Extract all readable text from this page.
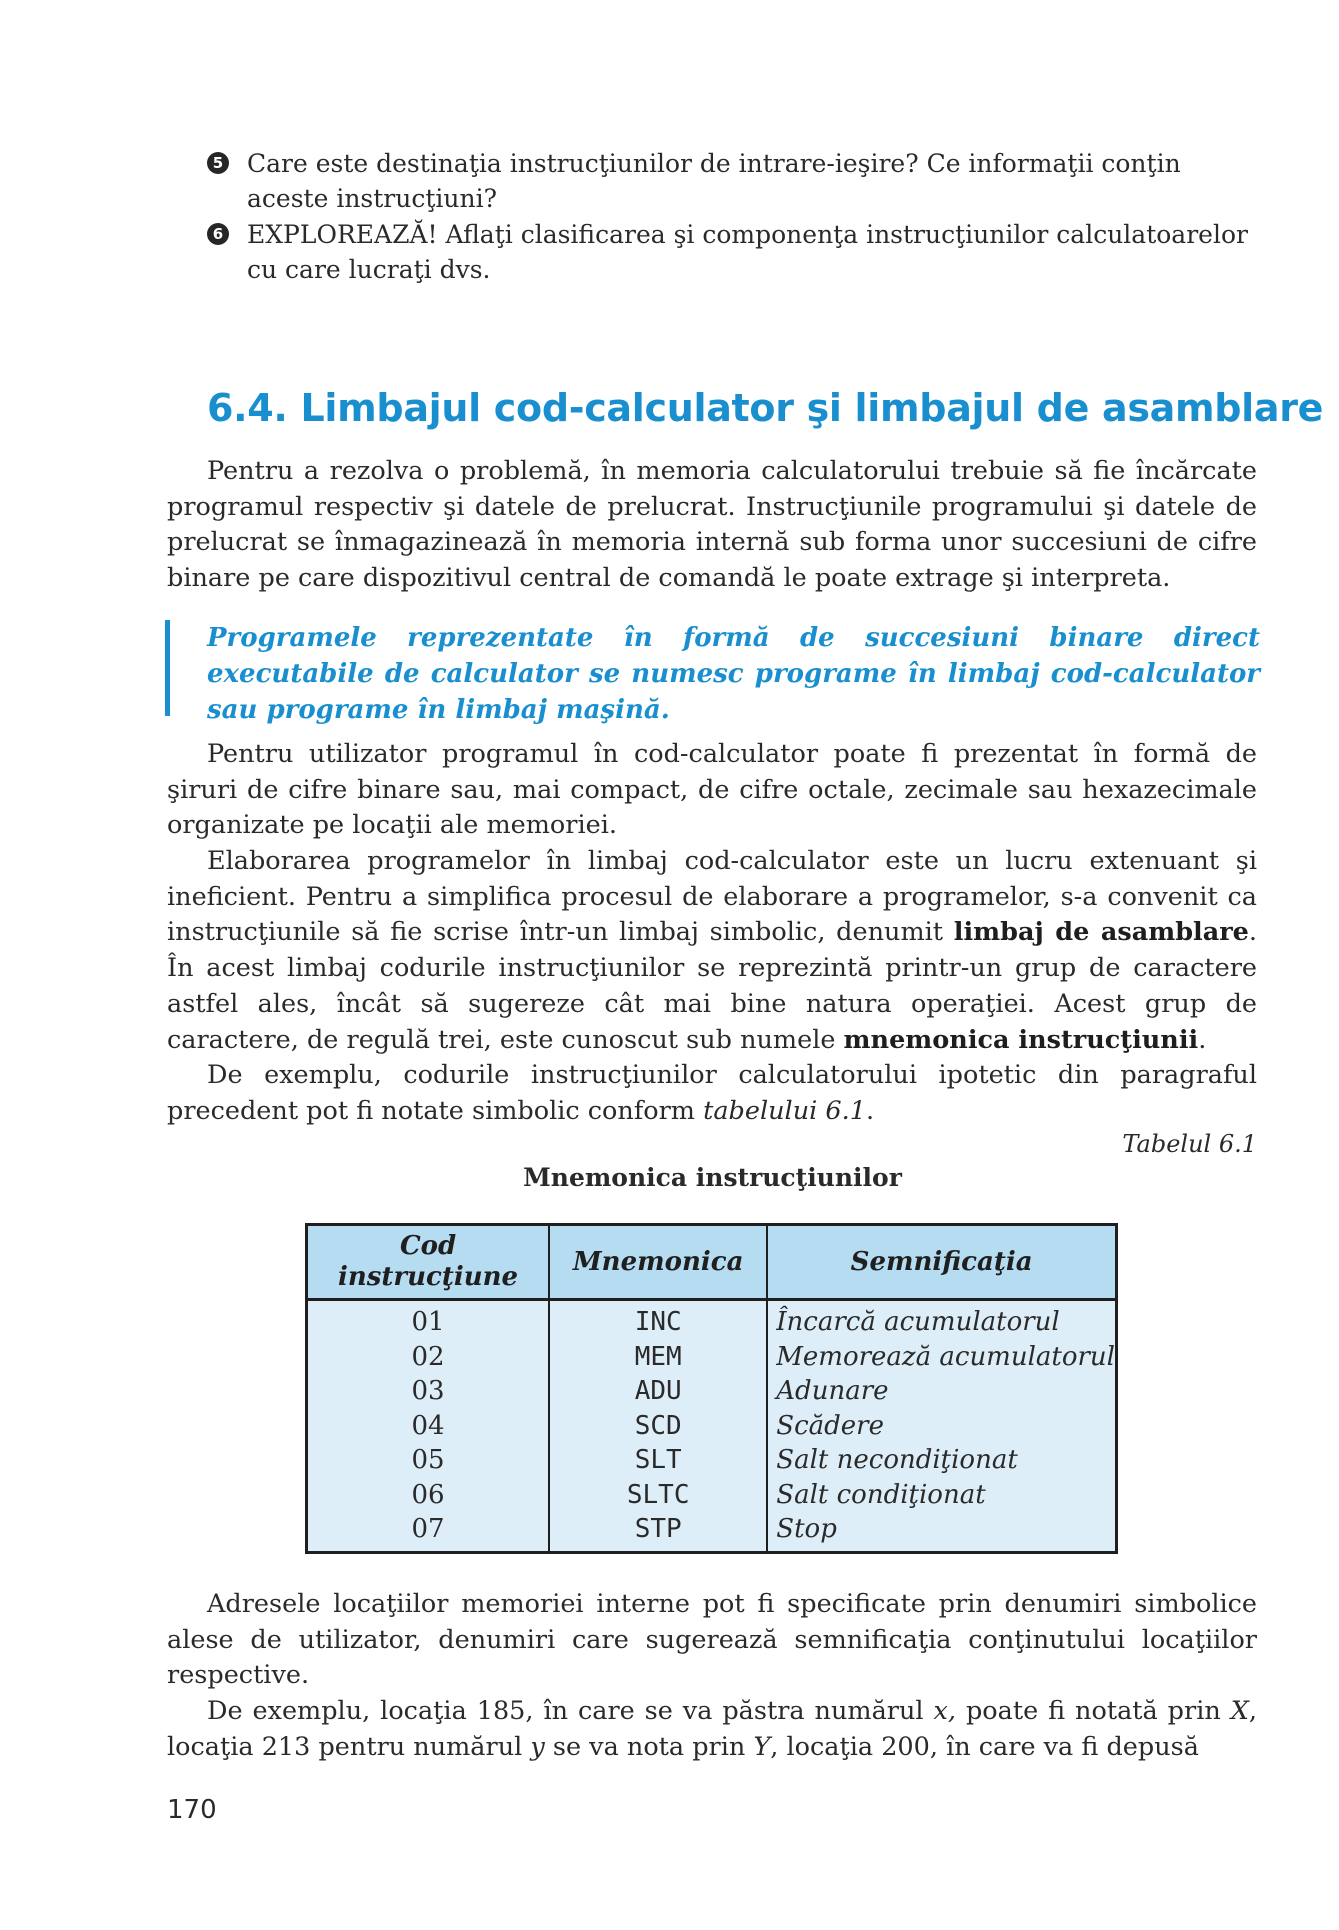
5 Care este destinaţia instrucţiunilor de intrare-ieşire? Ce informaţii conţin aceste instrucţiuni?
6 EXPLOREAZĂ! Aflaţi clasificarea şi componenţa instrucţiunilor calculatoarelor cu care lucraţi dvs.
6.4. Limbajul cod-calculator şi limbajul de asamblare
Pentru a rezolva o problemă, în memoria calculatorului trebuie să fie încărcate programul respectiv şi datele de prelucrat. Instrucţiunile programului şi datele de prelucrat se înmagazinează în memoria internă sub forma unor succesiuni de cifre binare pe care dispozitivul central de comandă le poate extrage şi interpreta.
Programele reprezentate în formă de succesiuni binare direct executabile de calculator se numesc programe în limbaj cod-calculator sau programe în limbaj maşină.
Pentru utilizator programul în cod-calculator poate fi prezentat în formă de şiruri de cifre binare sau, mai compact, de cifre octale, zecimale sau hexazecimale organizate pe locaţii ale memoriei.
Elaborarea programelor în limbaj cod-calculator este un lucru extenuant şi ineficient. Pentru a simplifica procesul de elaborare a programelor, s-a convenit ca instrucţiunile să fie scrise într-un limbaj simbolic, denumit limbaj de asamblare. În acest limbaj codurile instrucţiunilor se reprezintă printr-un grup de caractere astfel ales, încât să sugereze cât mai bine natura operaţiei. Acest grup de caractere, de regulă trei, este cunoscut sub numele mnemonica instrucţiunii.
De exemplu, codurile instrucţiunilor calculatorului ipotetic din paragraful precedent pot fi notate simbolic conform tabelului 6.1.
Tabelul 6.1
Mnemonica instrucţiunilor
Cod instrucţiune	Mnemonica	Semnificaţia
01	INC	Încarcă acumulatorul
02	MEM	Memorează acumulatorul
03	ADU	Adunare
04	SCD	Scădere
05	SLT	Salt necondiţionat
06	SLTC	Salt condiţionat
07	STP	Stop
Adresele locaţiilor memoriei interne pot fi specificate prin denumiri simbolice alese de utilizator, denumiri care sugerează semnificaţia conţinutului locaţiilor respective.
De exemplu, locaţia 185, în care se va păstra numărul x, poate fi notată prin X, locaţia 213 pentru numărul y se va nota prin Y, locaţia 200, în care va fi depusă
170
